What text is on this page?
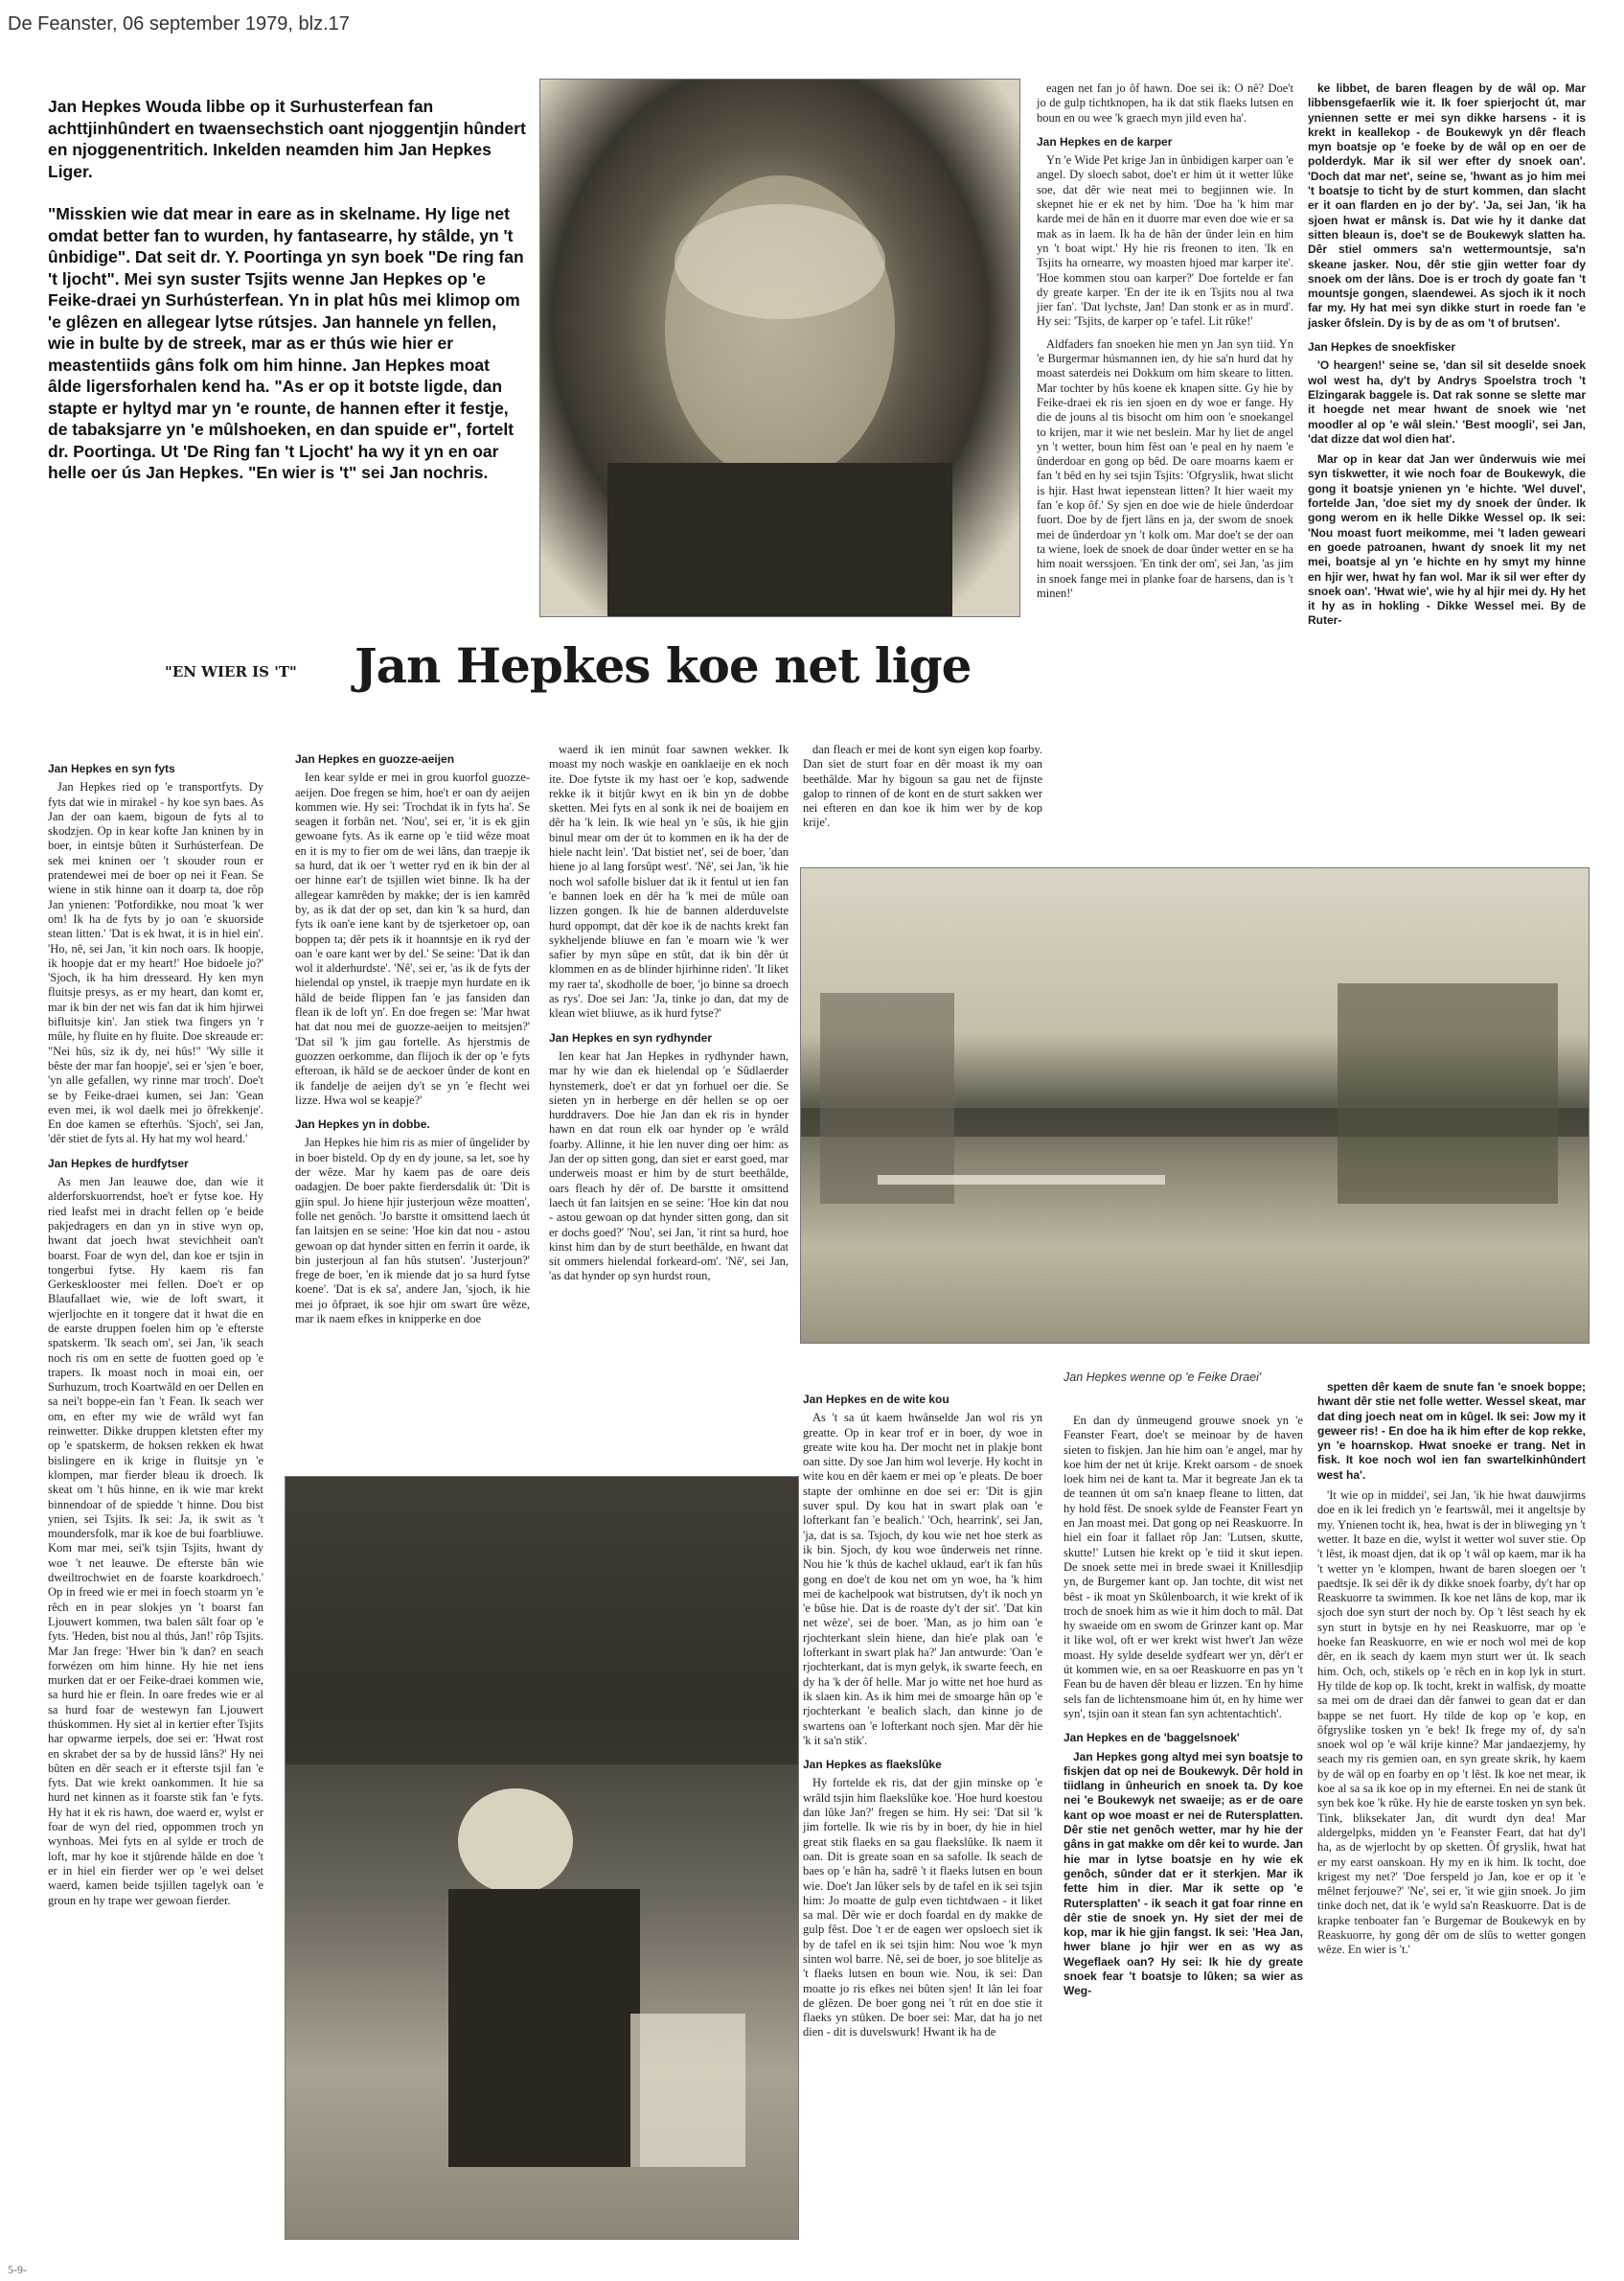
De Feanster, 06 september 1979, blz.17

Jan Hepkes Wouda libbe op it Surhusterfean fan achttjinhûndert en twaensechstich oant njoggentjin hûndert en njoggenentritich. Inkelden neamden him Jan Hepkes Liger.

"Misskien wie dat mear in eare as in skelname. Hy lige net omdat better fan to wurden, hy fantasearre, hy stâlde, yn 't ûnbidige". Dat seit dr. Y. Poortinga yn syn boek "De ring fan 't ljocht". Mei syn suster Tsjits wenne Jan Hepkes op 'e Feike-draei yn Surhústerfean. Yn in plat hûs mei klimop om 'e glêzen en allegear lytse rútsjes. Jan hannele yn fellen, wie in bulte by de streek, mar as er thús wie hier er meastentiids gâns folk om him hinne. Jan Hepkes moat âlde ligersforhalen kend ha. "As er op it botste ligde, dan stapte er hyltyd mar yn 'e rounte, de hannen efter it festje, de tabaksjarre yn 'e mûlshoeken, en dan spuide er", fortelt dr. Poortinga. Ut 'De Ring fan 't Ljocht' ha wy it yn en oar helle oer ús Jan Hepkes. "En wier is 't" sei Jan nochris.

"EN WIER IS 'T" Jan Hepkes koe net lige
Jan Hepkes en syn fyts

Jan Hepkes ried op 'e transportfyts. Dy fyts dat wie in mirakel - hy koe syn baes. As Jan der oan kaem, bigoun de fyts al to skodzjen. Op in kear kofte Jan kninen by in boer, in eintsje bûten it Surhústerfean. De sek mei kninen oer 't skouder roun er pratendewei mei de boer op nei it Fean. Se wiene in stik hinne oan it doarp ta, doe rôp Jan ynienen: 'Potfordikke, nou moat 'k wer om! Ik ha de fyts by jo oan 'e skuorside stean litten.' 'Dat is ek hwat, it is in hiel ein'. 'Ho, nê, sei Jan, 'it kin noch oars. Ik hoopje, ik hoopje dat er my heart!' Hoe bidoele jo?' 'Sjoch, ik ha him dresseard. Hy ken myn fluitsje presys, as er my heart, dan komt er, mar ik bin der net wis fan dat ik him hjirwei bifluitsje kin'. Jan stiek twa fingers yn 'r mûle, hy fluite en hy fluite. Doe skreaude er: "Nei hûs, siz ik dy, nei hûs!" 'Wy sille it bêste der mar fan hoopje', sei er 'sjen 'e boer, 'yn alle gefallen, wy rinne mar troch'. Doe't se by Feike-draei kumen, sei Jan: 'Gean even mei, ik wol daelk mei jo ôfrekkenje'. En doe kamen se efterhûs. 'Sjoch', sei Jan, 'dêr stiet de fyts al. Hy hat my wol heard.'

Jan Hepkes de hurdfytser

As men Jan leauwe doe, dan wie it alderforskuorrendst, hoe't er fytse koe. Hy ried leafst mei in dracht fellen op 'e beide pakjedragers en dan yn in stive wyn op, hwant dat joech hwat stevichheit oan't boarst. Foar de wyn del, dan koe er tsjin in tongerbui fytse. Hy kaem ris fan Gerkesklooster mei fellen. Doe't er op Blaufallaet wie, wie de loft swart, it wjerljochte en it tongere dat it hwat die en de earste druppen foelen him op 'e efterste spatskerm. 'Ik seach om', sei Jan, 'ik seach noch ris om en sette de fuotten goed op 'e trapers. Ik moast noch in moai ein, oer Surhuzum, troch Koartwâld en oer Dellen en sa nei't boppe-ein fan 't Fean. Ik seach wer om, en efter my wie de wrâld wyt fan reinwetter. Dikke druppen kletsten efter my op 'e spatskerm, de hoksen rekken ek hwat bislingere en ik krige in fluitsje yn 'e klompen, mar fierder bleau ik droech. Ik skeat om 't hûs hinne, en ik wie mar krekt binnendoar of de spiedde 't hinne. Dou bist ynien, sei Tsjits. Ik sei: Ja, ik swit as 't moundersfolk, mar ik koe de bui foarbliuwe. Kom mar mei, sei'k tsjin Tsjits, hwant dy woe 't net leauwe. De efterste bân wie dweiltrochwiet en de foarste koarkdroech.' Op in freed wie er mei in foech stoarm yn 'e rêch en in pear slokjes yn 't boarst fan Ljouwert kommen, twa balen sâlt foar op 'e fyts. 'Heden, bist nou al thús, Jan!' rôp Tsjits. Mar Jan frege: 'Hwer bin 'k dan? en seach forwézen om him hinne. Hy hie net iens murken dat er oer Feike-draei kommen wie, sa hurd hie er flein. In oare fredes wie er al sa hurd foar de westewyn fan Ljouwert thúskommen. Hy siet al in kertier efter Tsjits har opwarme ierpels, doe sei er: 'Hwat rost en skrabet der sa by de hussid lâns?' Hy nei bûten en dêr seach er it efterste tsjil fan 'e fyts. Dat wie krekt oankommen. It hie sa hurd net kinnen as it foarste stik fan 'e fyts. Hy hat it ek ris hawn, doe waerd er, wylst er foar de wyn del ried, oppommen troch yn wynhoas. Mei fyts en al sylde er troch de loft, mar hy koe it stjûrende hâlde en doe 't er in hiel ein fierder wer op 'e wei delset waerd, kamen beide tsjillen tagelyk oan 'e groun en hy trape wer gewoan fierder.

Jan Hepkes en guozze-aeijen

Ien kear sylde er mei in grou kuorfol guozze-aeijen. Doe fregen se him, hoe't er oan dy aeijen kommen wie. Hy sei: 'Trochdat ik in fyts ha'. Se seagen it forbân net. 'Nou', sei er, 'it is ek gjin gewoane fyts. As ik earne op 'e tiid wêze moat en it is my to fier om de wei lâns, dan traepje ik sa hurd, dat ik oer 't wetter ryd en ik bin der al oer hinne ear't de tsjillen wiet binne. Ik ha der allegear kamrêden by makke; der is ien kamrêd by, as ik dat der op set, dan kin 'k sa hurd, dan fyts ik oan'e iene kant by de tsjerketoer op, oan boppen ta; dêr pets ik it hoanntsje en ik ryd der oan 'e oare kant wer by del.' Se seine: 'Dat ik dan wol it alderhurdste'. 'Nê', sei er, 'as ik de fyts der hielendal op ynstel, ik traepje myn hurdate en ik hâld de beide flippen fan 'e jas fansiden dan flean ik de loft yn'. En doe fregen se: 'Mar hwat hat dat nou mei de guozze-aeijen to meitsjen?' 'Dat sil 'k jim gau fortelle. As hjerstmis de guozzen oerkomme, dan flijoch ik der op 'e fyts efteroan, ik hâld se de aeckoer ûnder de kont en ik fandelje de aeijen dy't se yn 'e flecht wei lizze. Hwa wol se keapje?'

Jan Hepkes yn in dobbe.

Jan Hepkes hie him ris as mier of ûngelider by in boer bisteld. Op dy en dy joune, sa let, soe hy der wêze. Mar hy kaem pas de oare deis oadagjen. De boer pakte fierdersdalik út: 'Dit is gjin spul. Jo hiene hjir justerjoun wêze moatten', folle net genôch. 'Jo barstte it omsittend laech út fan laitsjen en se seine: 'Hoe kin dat nou - astou gewoan op dat hynder sitten en ferrin it oarde, ik bin justerjoun al fan hûs stutsen'. 'Justerjoun?' frege de boer, 'en ik miende dat jo sa hurd fytse koene'. 'Dat is ek sa', andere Jan, 'sjoch, ik hie mei jo ôfpraet, ik soe hjir om swart ûre wêze, mar ik naem efkes in knipperke en doe

waerd ik ien minút foar sawnen wekker. Ik moast my noch waskje en oanklaeije en ek noch ite. Doe fytste ik my hast oer 'e kop, sadwende rekke ik it bitjûr kwyt en ik bin yn de dobbe sketten. Mei fyts en al sonk ik nei de boaijem en dêr ha 'k lein. Ik wie heal yn 'e sûs, ik hie gjin binul mear om der út to kommen en ik ha der de hiele nacht lein'. 'Dat bistiet net', sei de boer, 'dan hiene jo al lang forsûpt west'. 'Nê', sei Jan, 'ik hie noch wol safolle bisluer dat ik it fentul ut ien fan 'e bannen loek en dêr ha 'k mei de mûle oan lizzen gongen. Ik hie de bannen alderduvelste hurd oppompt, dat dêr koe ik de nachts krekt fan sykheljende bliuwe en fan 'e moarn wie 'k wer safier by myn sûpe en stût, dat ik bin dêr út klommen en as de blinder hjirhinne riden'. 'It liket my raer ta', skodholle de boer, 'jo binne sa droech as rys'. Doe sei Jan: 'Ja, tinke jo dan, dat my de klean wiet bliuwe, as ik hurd fytse?'

Jan Hepkes en syn rydhynder

Ien kear hat Jan Hepkes in rydhynder hawn, mar hy wie dan ek hielendal op 'e Sûdlaerder hynstemerk, doe't er dat yn forhuel oer die. Se sieten yn in herberge en dêr hellen se op oer hurddravers. Doe hie Jan dan ek ris in hynder hawn en dat roun elk oar hynder op 'e wrâld foarby. Allinne, it hie len nuver ding oer him: as Jan der op sitten gong, dan siet er earst goed, mar underweis moast er him by de sturt beethâlde, oars fleach hy dêr of. De barstte it omsittend laech út fan laitsjen en se seine: 'Hoe kin dat nou - astou gewoan op dat hynder sitten gong, dan sit er dochs goed?' 'Nou', sei Jan, 'it rint sa hurd, hoe kinst him dan by de sturt beethâlde, en hwant dat sit ommers hielendal forkeard-om'. 'Nê', sei Jan, 'as dat hynder op syn hurdst roun,

dan fleach er mei de kont syn eigen kop foarby. Dan siet de sturt foar en dêr moast ik my oan beethâlde. Mar hy bigoun sa gau net de fijnste galop to rinnen of de kont en de sturt sakken wer nei efteren en dan koe ik him wer by de kop krije'.

eagen net fan jo ôf hawn. Doe sei ik: O nê? Doe't jo de gulp tichtknopen, ha ik dat stik flaeks lutsen en boun en ou wee 'k graech myn jild even ha'.

Jan Hepkes en de karper

Yn 'e Wide Pet krige Jan in ûnbidigen karper oan 'e angel. Dy sloech sabot, doe't er him út it wetter lûke soe, dat dêr wie neat mei to begjinnen wie. In skepnet hie er ek net by him. 'Doe ha 'k him mar karde mei de hân en it duorre mar even doe wie er sa mak as in laem. Ik ha de hân der ûnder lein en him yn 't boat wipt.' Hy hie ris freonen to iten. 'Ik en Tsjits ha ornearre, wy moasten hjoed mar karper ite'. 'Hoe kommen stou oan karper?' Doe fortelde er fan dy greate karper. 'En der ite ik en Tsjits nou al twa jier fan'. 'Dat lychste, Jan! Dan stonk er as in murd'. Hy sei: 'Tsjits, de karper op 'e tafel. Lit rûke!'

Aldfaders fan snoeken hie men yn Jan syn tiid. Yn 'e Burgermar húsmannen ien, dy hie sa'n hurd dat hy moast saterdeis nei Dokkum om him skeare to litten. Mar tochter by hûs koene ek knapen sitte. Gy hie by Feike-draei ek ris ien sjoen en dy woe er fange. Hy die de jouns al tis bisocht om him oon 'e snoekangel to krijen, mar it wie net beslein. Mar hy liet de angel yn 't wetter, boun him fêst oan 'e peal en hy naem 'e ûnderdoar en gong op bêd. De oare moarns kaem er fan 't bêd en hy sei tsjin Tsjits: 'Ofgryslik, hwat slicht is hjir. Hast hwat iepenstean litten? It hier waeit my fan 'e kop ôf.' Sy sjen en doe wie de hiele ûnderdoar fuort. Doe by de fjert lâns en ja, der swom de snoek mei de ûnderdoar yn 't kolk om. Mar doe't se der oan ta wiene, loek de snoek de doar ûnder wetter en se ha him noait werssjoen. 'En tink der om', sei Jan, 'as jim in snoek fange mei in planke foar de harsens, dan is 't minen!'

ke libbet, de baren fleagen by de wâl op. Mar libbensgefaerlik wie it. Ik foer spierjocht út, mar yniennen sette er mei syn dikke harsens - it is krekt in keallekop - de Boukewyk yn dêr fleach myn boatsje op 'e foeke by de wâl op en oer de polderdyk. Mar ik sil wer efter dy snoek oan'. 'Doch dat mar net', seine se, 'hwant as jo him mei 't boatsje to ticht by de sturt kommen, dan slacht er it oan flarden en jo der by'. 'Ja, sei Jan, 'ik ha sjoen hwat er mânsk is. Dat wie hy it danke dat sitten bleaun is, doe't se de Boukewyk slatten ha. Dêr stiel ommers sa'n wettermountsje, sa'n skeane jasker. Nou, dêr stie gjin wetter foar dy snoek om der lâns. Doe is er troch dy goate fan 't mountsje gongen, slaendewei. As sjoch ik it noch far my. Hy hat mei syn dikke sturt in roede fan 'e jasker ôfslein. Dy is by de as om 't of brutsen'.

Jan Hepkes de snoekfisker

'O heargen!' seine se, 'dan sil sit deselde snoek wol west ha, dy't by Andrys Spoelstra troch 't Elzingarak baggele is. Dat rak sonne se slette mar it hoegde net mear hwant de snoek wie 'net moodler al op 'e wâl slein.' 'Best moogli', sei Jan, 'dat dizze dat wol dien hat'.

Mar op in kear dat Jan wer ûnderwuis wie mei syn tiskwetter, it wie noch foar de Boukewyk, die gong it boatsje ynienen yn 'e hichte. 'Wel duvel', fortelde Jan, 'doe siet my dy snoek der ûnder. Ik gong werom en ik helle Dikke Wessel op. Ik sei: 'Nou moast fuort meikomme, mei 't laden geweari en goede patroanen, hwant dy snoek lit my net mei, boatsje al yn 'e hichte en hy smyt my hinne en hjir wer, hwat hy fan wol. Mar ik sil wer efter dy snoek oan'. 'Hwat wie', wie hy al hjir mei dy. Hy het it hy as in hokling - Dikke Wessel mei. By de Ruter-

Jan Hepkes wenne op 'e Feike Draei'
Jan Hepkes en de wite kou

As 't sa út kaem hwânselde Jan wol ris yn greatte. Op in kear trof er in boer, dy woe in greate wite kou ha. Der mocht net in plakje bont oan sitte. Dy soe Jan him wol leverje. Hy kocht in wite kou en dêr kaem er mei op 'e pleats. De boer stapte der omhinne en doe sei er: 'Dit is gjin suver spul. Dy kou hat in swart plak oan 'e lofterkant fan 'e bealich.' 'Och, hearrink', sei Jan, 'ja, dat is sa. Tsjoch, dy kou wie net hoe sterk as ik bin. Sjoch, dy kou woe ûnderweis net rinne. Nou hie 'k thús de kachel uklaud, ear't ik fan hûs gong en doe't de kou net om yn woe, ha 'k him mei de kachelpook wat bistrutsen, dy't ik noch yn 'e bûse hie. Dat is de roaste dy't der sit'. 'Dat kin net wêze', sei de boer. 'Man, as jo him oan 'e rjochterkant slein hiene, dan hie'e plak oan 'e lofterkant in swart plak ha?' Jan antwurde: 'Oan 'e rjochterkant, dat is myn gelyk, ik swarte feech, en dy ha 'k der ôf helle. Mar jo witte net hoe hurd as ik slaen kin. As ik him mei de smoarge hân op 'e rjochterkant 'e bealich slach, dan kinne jo de swartens oan 'e lofterkant noch sjen. Mar dêr hie 'k it sa'n stik'.

Jan Hepkes as flaekslûke

Hy fortelde ek ris, dat der gjin minske op 'e wrâld tsjin him flaekslûke koe. 'Hoe hurd koestou dan lûke Jan?' fregen se him. Hy sei: 'Dat sil 'k jim fortelle. Ik wie ris by in boer, dy hie in hiel great stik flaeks en sa gau flaekslûke. Ik naem it oan. Dit is greate soan en sa safolle. Ik seach de baes op 'e hân ha, sadrê 't it flaeks lutsen en boun wie. Doe't Jan lûker sels by de tafel en ik sei tsjin him: Jo moatte de gulp even tichtdwaen - it liket sa mal. Dêr wie er doch foardal en dy makke de gulp fêst. Doe 't er de eagen wer opsloech siet ik by de tafel en ik sei tsjin him: Nou woe 'k myn sinten wol barre. Nê, sei de boer, jo soe blitelje as 't flaeks lutsen en boun wie. Nou, ik sei: Dan moatte jo ris efkes nei bûten sjen! It lân lei foar de glêzen. De boer gong nei 't rút en doe stie it flaeks yn stûken. De boer sei: Mar, dat ha jo net dien - dit is duvelswurk! Hwant ik ha de

En dan dy ûnmeugend grouwe snoek yn 'e Feanster Feart, doe't se meinoar by de haven sieten to fiskjen. Jan hie him oan 'e angel, mar hy koe him der net út krije. Krekt oarsom - de snoek loek him nei de kant ta. Mar it begreate Jan ek ta de teannen út om sa'n knaep fleane to litten, dat hy hold fêst. De snoek sylde de Feanster Feart yn en Jan moast mei. Dat gong op nei Reaskuorre. In hiel ein foar it fallaet rôp Jan: 'Lutsen, skutte, skutte!' Lutsen hie krekt op 'e tiid it skut iepen. De snoek sette mei in brede swaei it Knillesdjip yn, de Burgemer kant op. Jan tochte, dit wist net bêst - ik moat yn Skûlenboarch, it wie krekt of ik troch de snoek him as wie it him doch to mâl. Dat hy swaeide om en swom de Grinzer kant op. Mar it like wol, oft er wer krekt wist hwer't Jan wêze moast. Hy sylde deselde sydfeart wer yn, dêr't er út kommen wie, en sa oer Reaskuorre en pas yn 't Fean bu de haven dêr bleau er lizzen. 'En hy hime sels fan de lichtensmoane him út, en hy hime wer syn', tsjin oan it stean fan syn achtentachtich'.

Jan Hepkes en de 'baggelsnoek'

Jan Hepkes gong altyd mei syn boatsje to fiskjen dat op nei de Boukewyk. Dêr hold in tiidlang in ûnheurich en snoek ta. Dy koe nei 'e Boukewyk net swaeije; as er de oare kant op woe moast er nei de Rutersplatten. Dêr stie net genôch wetter, mar hy hie der gâns in gat makke om dêr kei to wurde. Jan hie mar in lytse boatsje en hy wie ek genôch, sûnder dat er it sterkjen. Mar ik fette him in dier. Mar ik sette op 'e Rutersplatten' - ik seach it gat foar rinne en dêr stie de snoek yn. Hy siet der mei de kop, mar ik hie gjin fangst. Ik sei: 'Hea Jan, hwer blane jo hjir wer en as wy as Wegeflaek oan? Hy sei: Ik hie dy greate snoek fear 't boatsje to lûken; sa wier as Weg-

spetten dêr kaem de snute fan 'e snoek boppe; hwant dêr stie net folle wetter. Wessel skeat, mar dat ding joech neat om in kûgel. Ik sei: Jow my it geweer ris! - En doe ha ik him efter de kop rekke, yn 'e hoarnskop. Hwat snoeke er trang. Net in fisk. It koe noch wol ien fan swartelkinhûndert west ha'.

'It wie op in middei', sei Jan, 'ik hie hwat dauwjirms doe en ik lei fredich yn 'e feartswâl, mei it angeltsje by my. Ynienen tocht ik, hea, hwat is der in bliweging yn 't wetter. It baze en die, wylst it wetter wol suver stie. Op 't lêst, ik moast djen, dat ik op 't wâl op kaem, mar ik ha 't wetter yn 'e klompen, hwant de baren sloegen oer 't paedtsje. Ik sei dêr ik dy dikke snoek foarby, dy't har op Reaskuorre ta swimmen. Ik koe net lâns de kop, mar ik sjoch doe syn sturt der noch by. Op 't lêst seach hy ek syn sturt in bytsje en hy nei Reaskuorre, mar op 'e hoeke fan Reaskuorre, en wie er noch wol mei de kop dêr, en ik seach dy kaem myn sturt wer út. Ik seach him. Och, och, stikels op 'e rêch en in kop lyk in sturt. Hy tilde de kop op. Ik tocht, krekt in walfisk, dy moatte sa mei om de draei dan dêr fanwei to gean dat er dan bappe se net fuort. Hy tilde de kop op 'e kop, en ôfgryslike tosken yn 'e bek! Ik frege my of, dy sa'n snoek wol op 'e wâl krije kinne? Mar jandaezjemy, hy seach my ris gemien oan, en syn greate skrik, hy kaem by de wâl op en foarby en op 't lêst. Ik koe net mear, ik koe al sa sa ik koe op in my efternei. En nei de stank ût syn bek koe 'k rûke. Hy hie de earste tosken yn syn bek. Tink, bliksekater Jan, dit wurdt dyn dea! Mar aldergelpks, midden yn 'e Feanster Feart, dat hat dy'l ha, as de wjerlocht by op sketten. Ôf gryslik, hwat hat er my earst oanskoan. Hy my en ik him. Ik tocht, doe krigest my net?' 'Doe ferspeld jo Jan, koe er op it 'e mêlnet ferjouwe?' 'Ne', sei er, 'it wie gjin snoek. Jo jim tinke doch net, dat ik 'e wyld sa'n Reaskuorre. Dat is de krapke tenboater fan 'e Burgemar de Boukewyk en by Reaskuorre, hy gong dêr om de slûs to wetter gongen wêze. En wier is 't.'

5-9-
